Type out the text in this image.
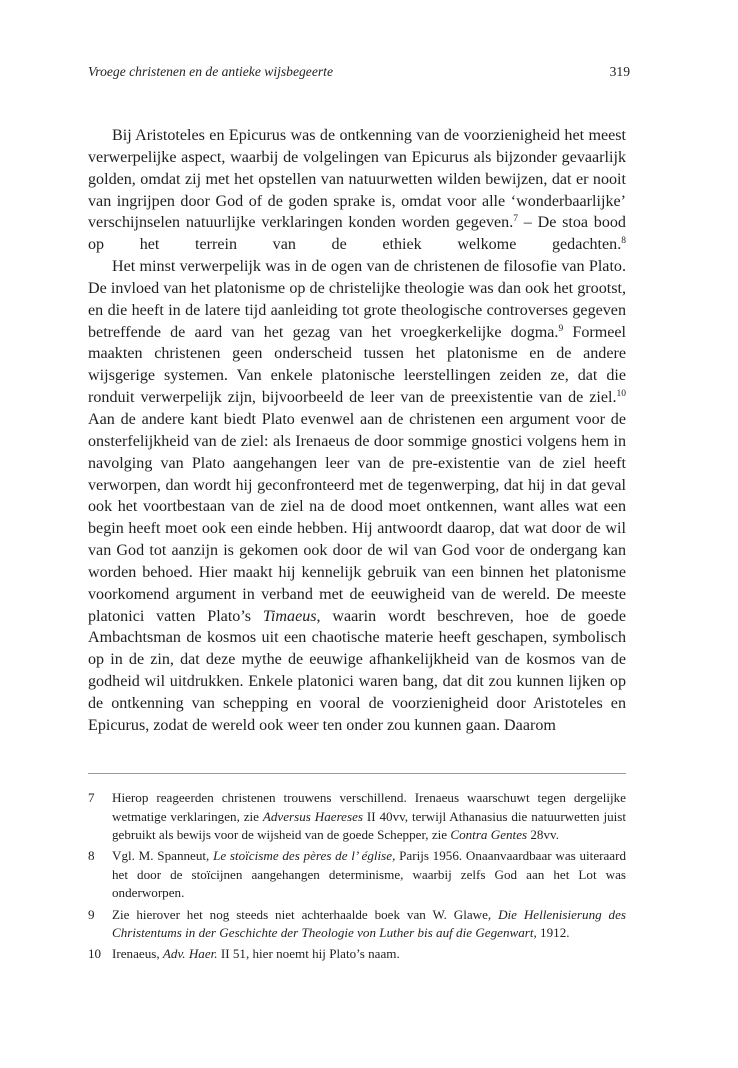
Vroege christenen en de antieke wijsbegeerte	319

Bij Aristoteles en Epicurus was de ontkenning van de voorzienigheid het meest verwerpelijke aspect, waarbij de volgelingen van Epicurus als bijzonder gevaarlijk golden, omdat zij met het opstellen van natuurwetten wilden bewijzen, dat er nooit van ingrijpen door God of de goden sprake is, omdat voor alle ‘wonderbaarlijke’ verschijnselen natuurlijke verklaringen konden worden gegeven.$^7$ – De stoa bood op het terrein van de ethiek welkome gedachten.$^8$

Het minst verwerpelijk was in de ogen van de christenen de filosofie van Plato. De invloed van het platonisme op de christelijke theologie was dan ook het grootst, en die heeft in de latere tijd aanleiding tot grote theologische controverses gegeven betreffende de aard van het gezag van het vroegkerkelijke dogma.$^9$ Formeel maakten christenen geen onderscheid tussen het platonisme en de andere wijsgerige systemen. Van enkele platonische leerstellingen zeiden ze, dat die ronduit verwerpelijk zijn, bijvoorbeeld de leer van de preexistentie van de ziel.$^{10}$ Aan de andere kant biedt Plato evenwel aan de christenen een argument voor de onsterfelijkheid van de ziel: als Irenaeus de door sommige gnostici volgens hem in navolging van Plato aangehangen leer van de pre-existentie van de ziel heeft verworpen, dan wordt hij geconfronteerd met de tegenwerping, dat hij in dat geval ook het voortbestaan van de ziel na de dood moet ontkennen, want alles wat een begin heeft moet ook een einde hebben. Hij antwoordt daarop, dat wat door de wil van God tot aanzijn is gekomen ook door de wil van God voor de ondergang kan worden behoed. Hier maakt hij kennelijk gebruik van een binnen het platonisme voorkomend argument in verband met de eeuwigheid van de wereld. De meeste platonici vatten Plato’s Timaeus, waarin wordt beschreven, hoe de goede Ambachtsman de kosmos uit een chaotische materie heeft geschapen, symbolisch op in de zin, dat deze mythe de eeuwige afhankelijkheid van de kosmos van de godheid wil uitdrukken. Enkele platonici waren bang, dat dit zou kunnen lijken op de ontkenning van schepping en vooral de voorzienigheid door Aristoteles en Epicurus, zodat de wereld ook weer ten onder zou kunnen gaan. Daarom

7 Hierop reageerden christenen trouwens verschillend. Irenaeus waarschuwt tegen dergelijke wetmatige verklaringen, zie Adversus Haereses II 40vv, terwijl Athanasius die natuurwetten juist gebruikt als bewijs voor de wijsheid van de goede Schepper, zie Contra Gentes 28vv.
8 Vgl. M. Spanneut, Le stoïcisme des pères de l’ église, Parijs 1956. Onaanvaardbaar was uiteraard het door de stoïcijnen aangehangen determinisme, waarbij zelfs God aan het Lot was onderworpen.
9 Zie hierover het nog steeds niet achterhaalde boek van W. Glawe, Die Hellenisierung des Christentums in der Geschichte der Theologie von Luther bis auf die Gegenwart, 1912.
10 Irenaeus, Adv. Haer. II 51, hier noemt hij Plato’s naam.
